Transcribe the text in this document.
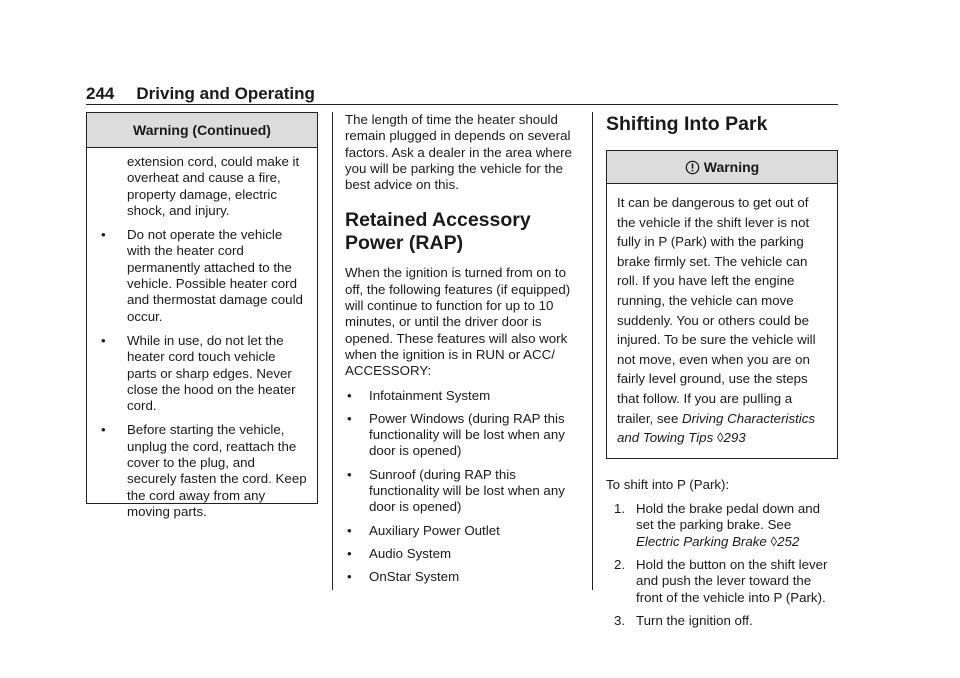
244 Driving and Operating
Warning (Continued)

extension cord, could make it overheat and cause a fire, property damage, electric shock, and injury.

• Do not operate the vehicle with the heater cord permanently attached to the vehicle. Possible heater cord and thermostat damage could occur.
• While in use, do not let the heater cord touch vehicle parts or sharp edges. Never close the hood on the heater cord.
• Before starting the vehicle, unplug the cord, reattach the cover to the plug, and securely fasten the cord. Keep the cord away from any moving parts.

The length of time the heater should remain plugged in depends on several factors. Ask a dealer in the area where you will be parking the vehicle for the best advice on this.

Retained Accessory Power (RAP)

When the ignition is turned from on to off, the following features (if equipped) will continue to function for up to 10 minutes, or until the driver door is opened. These features will also work when the ignition is in RUN or ACC/ ACCESSORY:

• Infotainment System
• Power Windows (during RAP this functionality will be lost when any door is opened)
• Sunroof (during RAP this functionality will be lost when any door is opened)
• Auxiliary Power Outlet
• Audio System
• OnStar System
Shifting Into Park
Warning
It can be dangerous to get out of the vehicle if the shift lever is not fully in P (Park) with the parking brake firmly set. The vehicle can roll. If you have left the engine running, the vehicle can move suddenly. You or others could be injured. To be sure the vehicle will not move, even when you are on fairly level ground, use the steps that follow. If you are pulling a trailer, see Driving Characteristics and Towing Tips ◊293

To shift into P (Park):

1. Hold the brake pedal down and set the parking brake. See Electric Parking Brake ◊252
2. Hold the button on the shift lever and push the lever toward the front of the vehicle into P (Park).
3. Turn the ignition off.
